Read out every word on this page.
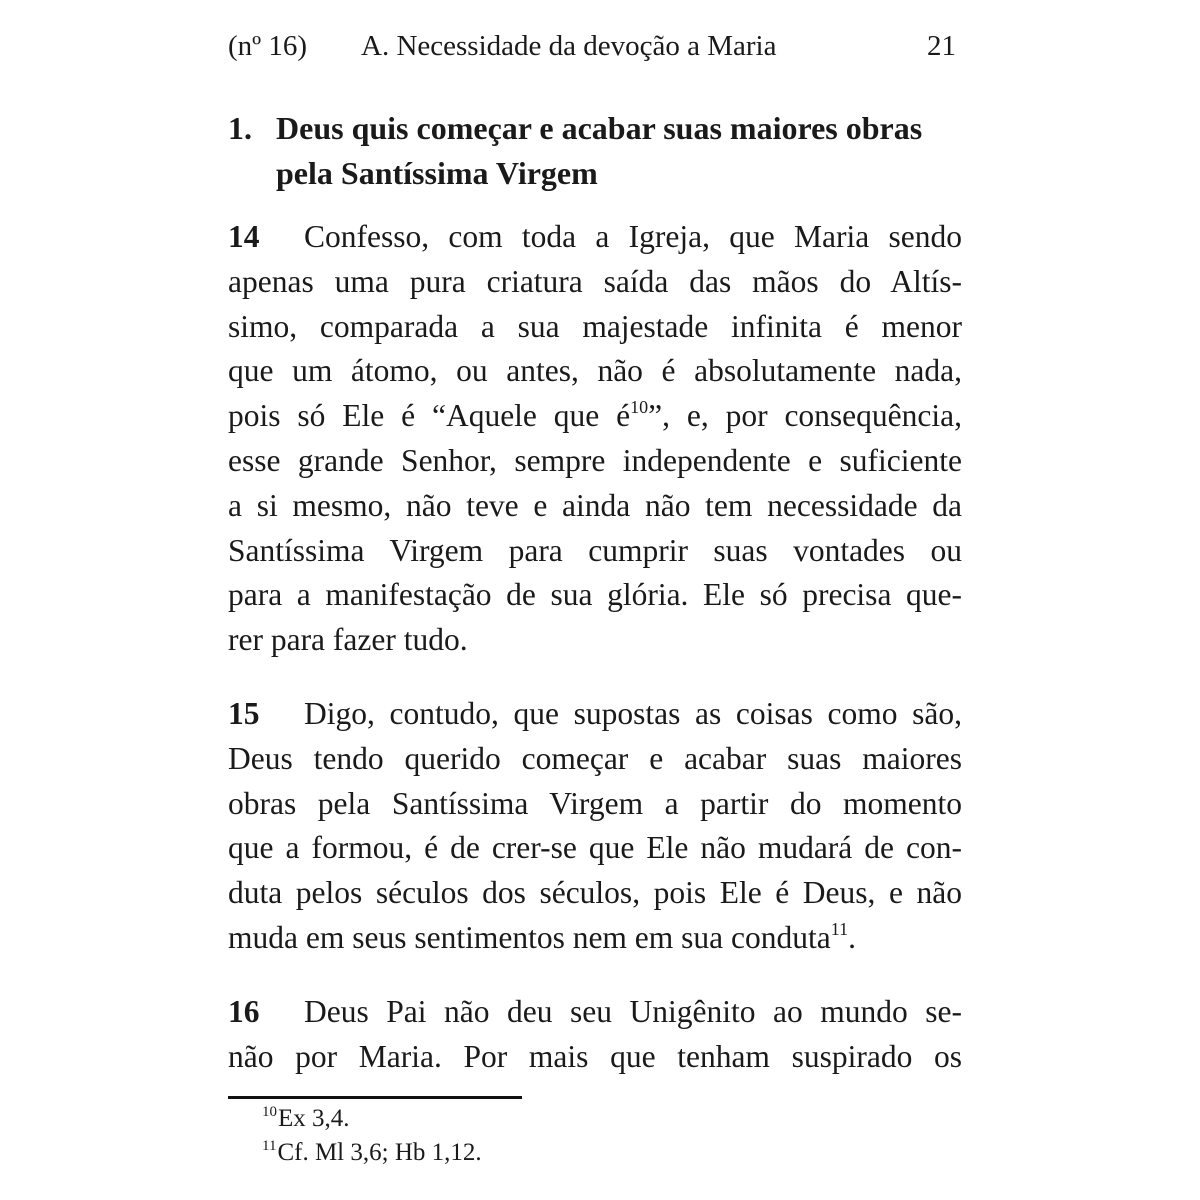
(nº 16) A. Necessidade da devoção a Maria	21
1. Deus quis começar e acabar suas maiores obras
pela Santíssima Virgem
14 Confesso, com toda a Igreja, que Maria sendo
apenas uma pura criatura saída das mãos do Altís-
simo, comparada a sua majestade infinita é menor
que um átomo, ou antes, não é absolutamente nada,
pois só Ele é “Aquele que $é^{10}$”, e, por consequência,
esse grande Senhor, sempre independente e suficiente
a si mesmo, não teve e ainda não tem necessidade da
Santíssima Virgem para cumprir suas vontades ou
para a manifestação de sua glória. Ele só precisa que-
rer para fazer tudo.
15 Digo, contudo, que supostas as coisas como são,
Deus tendo querido começar e acabar suas maiores
obras pela Santíssima Virgem a partir do momento
que a formou, é de crer-se que Ele não mudará de con-
duta pelos séculos dos séculos, pois Ele é Deus, e não
muda em seus sentimentos nem em sua conduta$^{11}$.
16 Deus Pai não deu seu Unigênito ao mundo se-
não por Maria. Por mais que tenham suspirado os
$^{10}$Ex 3,4.
$^{11}$Cf. Ml 3,6; Hb 1,12.
